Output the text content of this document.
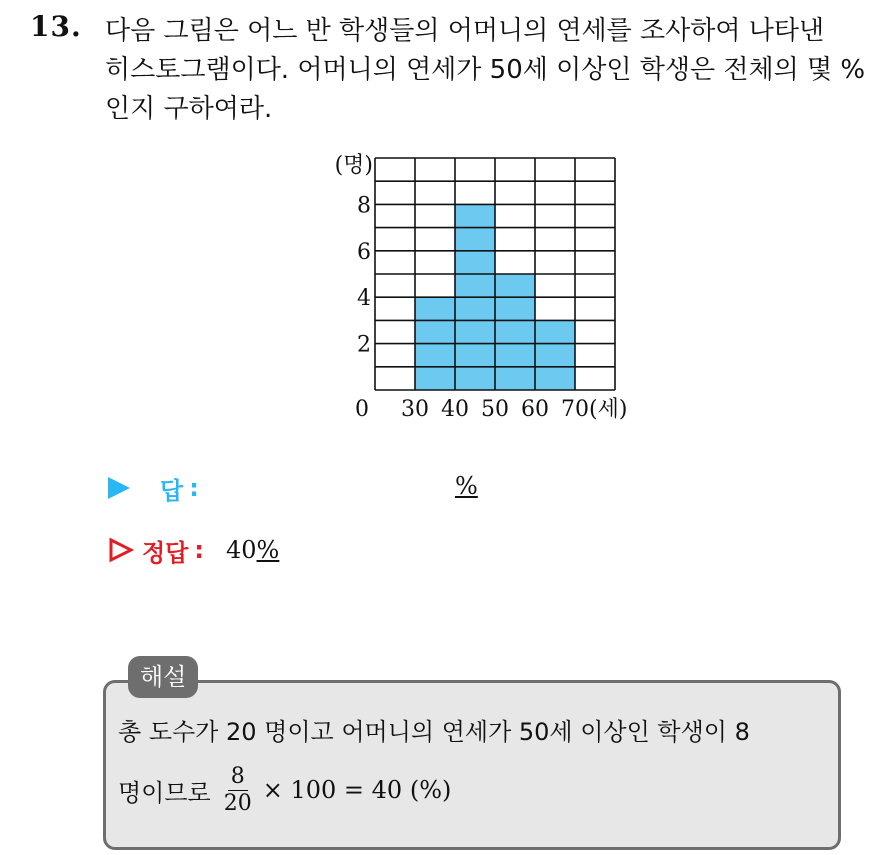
13. 다음 그림은 어느 반 학생들의 어머니의 연세를 조사하여 나타낸
히스토그램이다. 어머니의 연세가 50세 이상인 학생은 전체의 몇 %
인지 구하여라.
2
4
6
8
(명)
0 30 40 50 60 70 (세)
답 :	%
정답 : 40%
해설
총 도수가 20 명이고 어머니의 연세가 50세 이상인 학생이 8
명이므로 $\frac{8}{20} \times 100 = 40$ (%)
